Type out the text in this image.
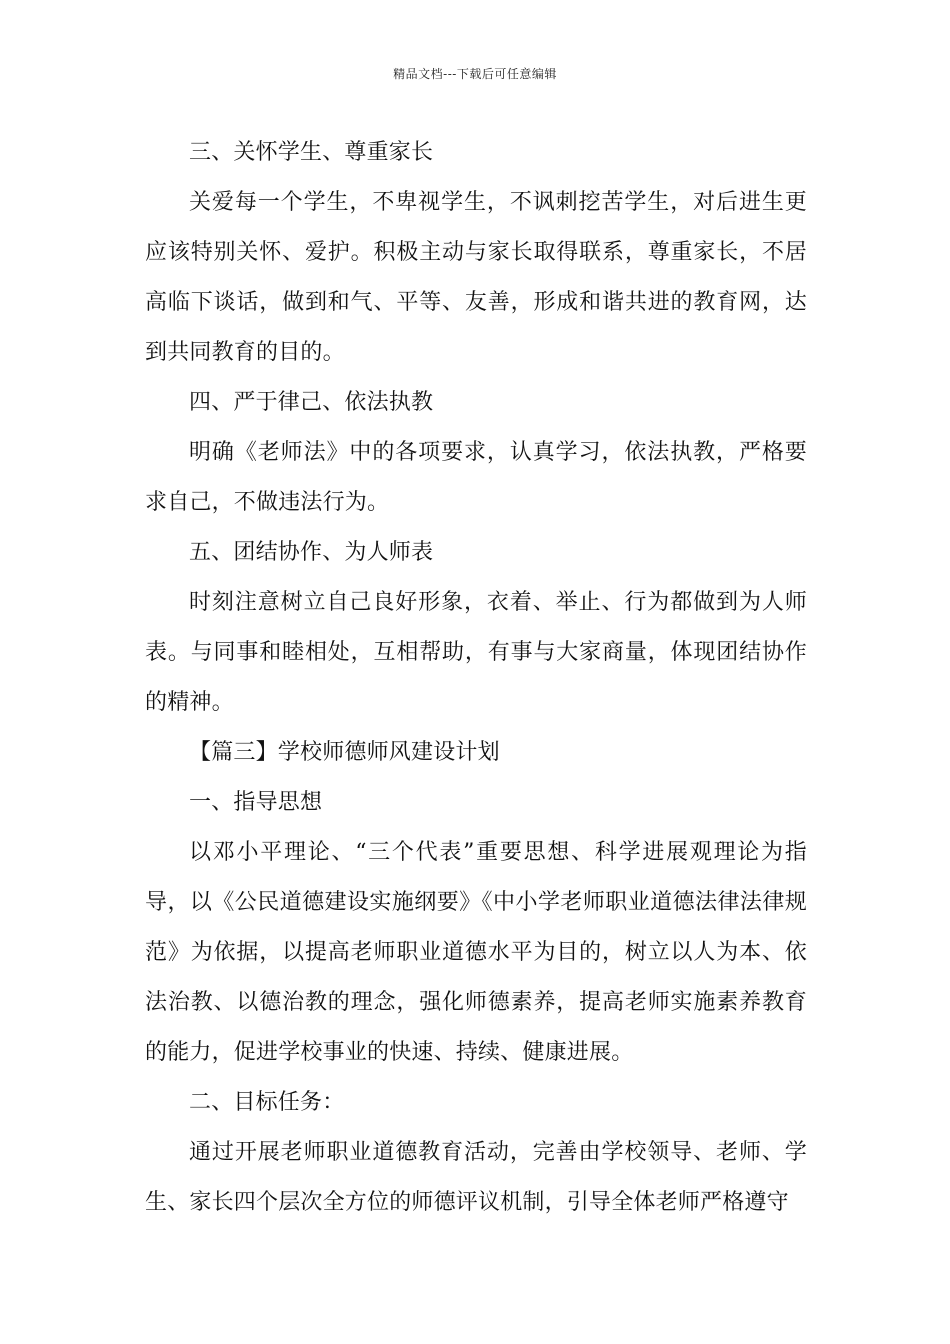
精品文档---下载后可任意编辑

三、关怀学生、尊重家长

关爱每一个学生，不卑视学生，不讽刺挖苦学生，对后进生更应该特别关怀、爱护。积极主动与家长取得联系，尊重家长，不居高临下谈话，做到和气、平等、友善，形成和谐共进的教育网，达到共同教育的目的。

四、严于律己、依法执教

明确《老师法》中的各项要求，认真学习，依法执教，严格要求自己，不做违法行为。

五、团结协作、为人师表

时刻注意树立自己良好形象，衣着、举止、行为都做到为人师表。与同事和睦相处，互相帮助，有事与大家商量，体现团结协作的精神。

【篇三】学校师德师风建设计划

一、指导思想

以邓小平理论、“三个代表”重要思想、科学进展观理论为指导，以《公民道德建设实施纲要》《中小学老师职业道德法律法律规范》为依据，以提高老师职业道德水平为目的，树立以人为本、依法治教、以德治教的理念，强化师德素养，提高老师实施素养教育的能力，促进学校事业的快速、持续、健康进展。

二、目标任务：

通过开展老师职业道德教育活动，完善由学校领导、老师、学生、家长四个层次全方位的师德评议机制，引导全体老师严格遵守
